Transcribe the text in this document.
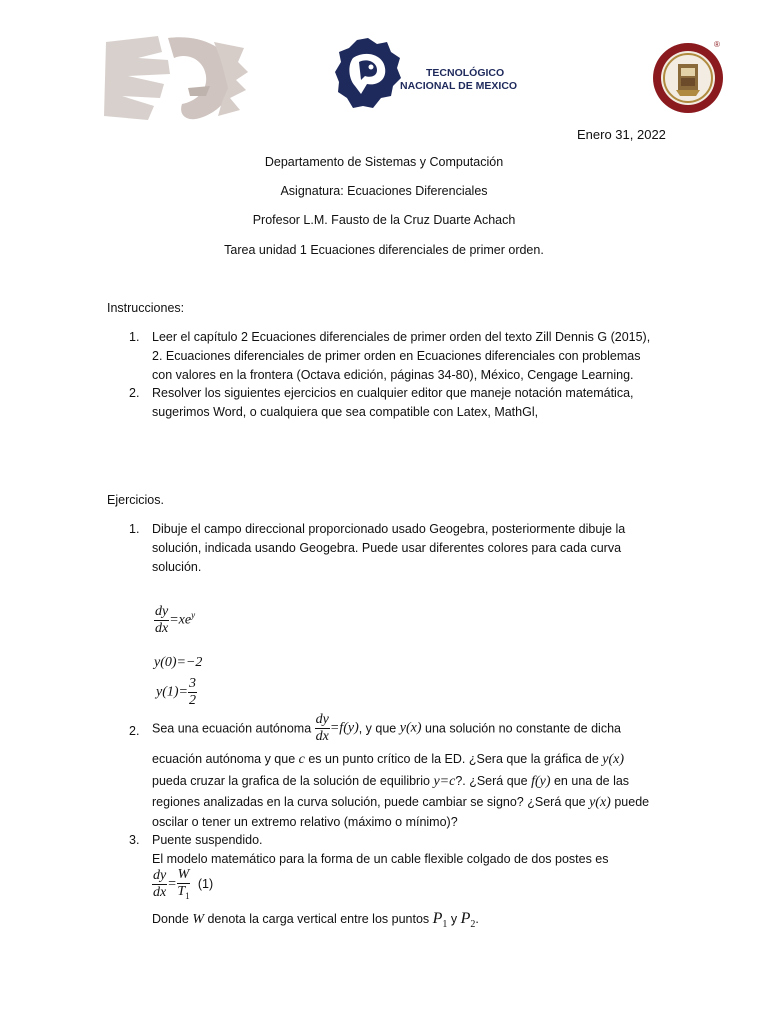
TECNOLÓGICO
NACIONAL DE MEXICO
®
Enero 31, 2022
Departamento de Sistemas y Computación
Asignatura: Ecuaciones Diferenciales
Profesor L.M. Fausto de la Cruz Duarte Achach
Tarea unidad 1 Ecuaciones diferenciales de primer orden.
Instrucciones:
1. Leer el capítulo 2 Ecuaciones diferenciales de primer orden del texto Zill Dennis G (2015),
2. Ecuaciones diferenciales de primer orden en Ecuaciones diferenciales con problemas
con valores en la frontera (Octava edición, páginas 34-80), México, Cengage Learning.
2. Resolver los siguientes ejercicios en cualquier editor que maneje notación matemática,
sugerimos Word, o cualquiera que sea compatible con Latex, MathGl,
Ejercicios.
1. Dibuje el campo direccional proporcionado usado Geogebra, posteriormente dibuje la
solución, indicada usando Geogebra. Puede usar diferentes colores para cada curva
solución.
$\frac{dy}{dx} =xe^y$
y(0)=−2
$y(1)= \frac{3}{2}$
2. Sea una ecuación autónoma $\frac{dy}{dx} =f(y)$, y que y(x) una solución no constante de dicha
ecuación autónoma y que c es un punto crítico de la ED. ¿Sera que la gráfica de y(x)
pueda cruzar la grafica de la solución de equilibrio y=c?. ¿Será que f(y) en una de las
regiones analizadas en la curva solución, puede cambiar se signo? ¿Será que y(x) puede
oscilar o tener un extremo relativo (máximo o mínimo)?
3. Puente suspendido.
El modelo matemático para la forma de un cable flexible colgado de dos postes es
$\frac{dy}{dx} = \frac{W}{T_1} (1)$
Donde W denota la carga vertical entre los puntos $P_1$ y $P_2$.
